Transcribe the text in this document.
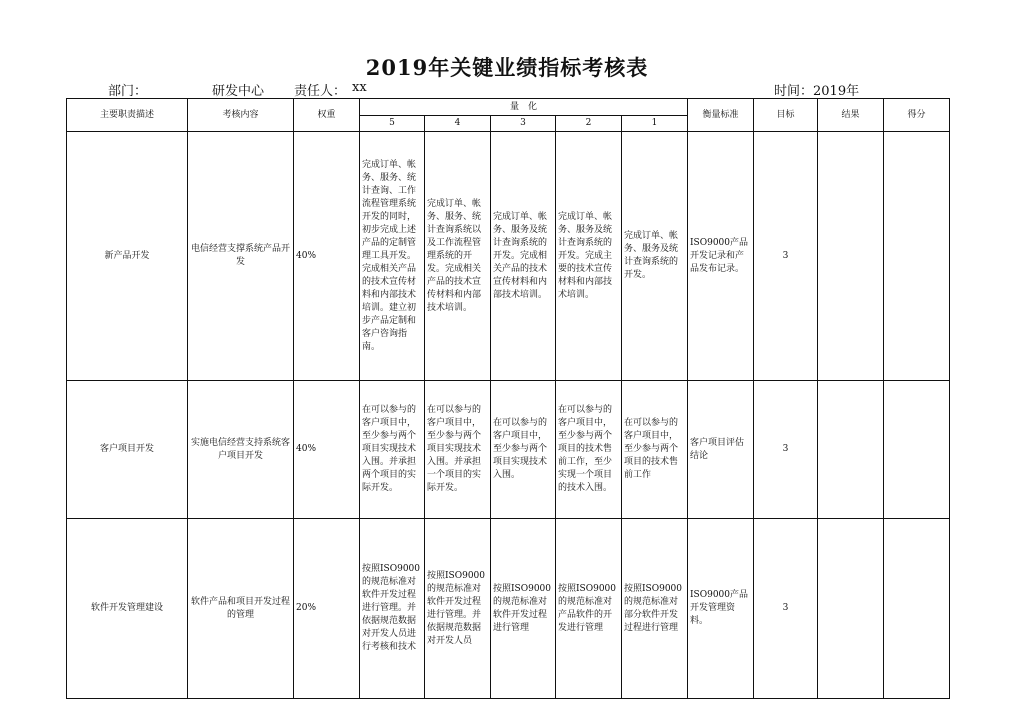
2019年关键业绩指标考核表
部门：	研发中心 责任人： xx	时间：2019年
主要职责描述	考核内容	权重	量　化					衡量标准	目标	结果	得分
			5	4	3	2	1				
新产品开发	电信经营支撑系统产品开发	40%	完成订单、帐务、服务、统计查询、工作流程管理系统开发的同时，初步完成上述产品的定制管理工具开发。完成相关产品的技术宣传材料和内部技术培训。建立初步产品定制和客户咨询指南。	完成订单、帐务、服务、统计查询系统以及工作流程管理系统的开发。完成相关产品的技术宣传材料和内部技术培训。	完成订单、帐务、服务及统计查询系统的开发。完成相关产品的技术宣传材料和内部技术培训。	完成订单、帐务、服务及统计查询系统的开发。完成主要的技术宣传材料和内部技术培训。	完成订单、帐务、服务及统计查询系统的开发。	ISO9000产品开发记录和产品发布记录。	3		
客户项目开发	实施电信经营支持系统客户项目开发	40%	在可以参与的客户项目中，至少参与两个项目实现技术入围。并承担两个项目的实际开发。	在可以参与的客户项目中，至少参与两个项目实现技术入围。并承担一个项目的实际开发。	在可以参与的客户项目中，至少参与两个项目实现技术入围。	在可以参与的客户项目中，至少参与两个项目的技术售前工作，至少实现一个项目的技术入围。	在可以参与的客户项目中，至少参与两个项目的技术售前工作	客户项目评估结论	3		
软件开发管理建设	软件产品和项目开发过程的管理	20%	按照ISO9000的规范标准对软件开发过程进行管理。并依据规范数据对开发人员进行考核和技术	按照ISO9000的规范标准对软件开发过程进行管理。并依据规范数据对开发人员	按照ISO9000的规范标准对软件开发过程进行管理	按照ISO9000的规范标准对产品软件的开发进行管理	按照ISO9000的规范标准对部分软件开发过程进行管理	ISO9000产品开发管理资料。	3		
